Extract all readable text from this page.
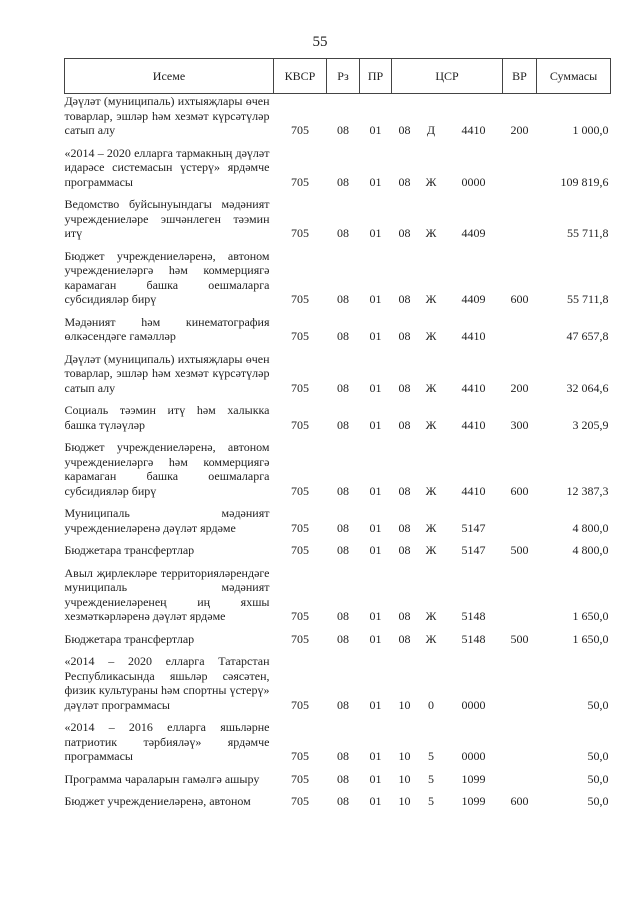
55
Исеме	КВСР	Рз	ПР	ЦСР			ВР	Суммасы
Дәүләт (муниципаль) ихтыяҗлары өчен товарлар, эшләр һәм хезмәт күрсәтүләр сатып алу	705	08	01	08	Д	4410	200	1 000,0
«2014 – 2020 елларга тармакның дәүләт идарәсе системасын үстерү» ярдәмче программасы	705	08	01	08	Ж	0000		109 819,6
Ведомство буйсынуындагы мәдәният учреждениеләре эшчәнлеген тәэмин итү	705	08	01	08	Ж	4409		55 711,8
Бюджет учреждениеләренә, автоном учреждениеләргә һәм коммерциягә карамаган башка оешмаларга субсидияләр бирү	705	08	01	08	Ж	4409	600	55 711,8
Мәдәният һәм кинематография өлкәсендәге гамәлләр	705	08	01	08	Ж	4410		47 657,8
Дәүләт (муниципаль) ихтыяҗлары өчен товарлар, эшләр һәм хезмәт күрсәтүләр сатып алу	705	08	01	08	Ж	4410	200	32 064,6
Социаль тәэмин итү һәм халыкка башка түләүләр	705	08	01	08	Ж	4410	300	3 205,9
Бюджет учреждениеләренә, автоном учреждениеләргә һәм коммерциягә карамаган башка оешмаларга субсидияләр бирү	705	08	01	08	Ж	4410	600	12 387,3
Муниципаль мәдәният учреждениеләренә дәүләт ярдәме	705	08	01	08	Ж	5147		4 800,0
Бюджетара трансфертлар	705	08	01	08	Ж	5147	500	4 800,0
Авыл җирлекләре территорияләрендәге муниципаль мәдәният учреждениеләренең иң яхшы хезмәткәрләренә дәүләт ярдәме	705	08	01	08	Ж	5148		1 650,0
Бюджетара трансфертлар	705	08	01	08	Ж	5148	500	1 650,0
«2014 – 2020 елларга Татарстан Республикасында яшьләр сәясәтен, физик культураны һәм спортны үстерү» дәүләт программасы	705	08	01	10	0	0000		50,0
«2014 – 2016 елларга яшьләрне патриотик тәрбияләү» ярдәмче программасы	705	08	01	10	5	0000		50,0
Программа чараларын гамәлгә ашыру	705	08	01	10	5	1099		50,0
Бюджет учреждениеләренә, автоном	705	08	01	10	5	1099	600	50,0
